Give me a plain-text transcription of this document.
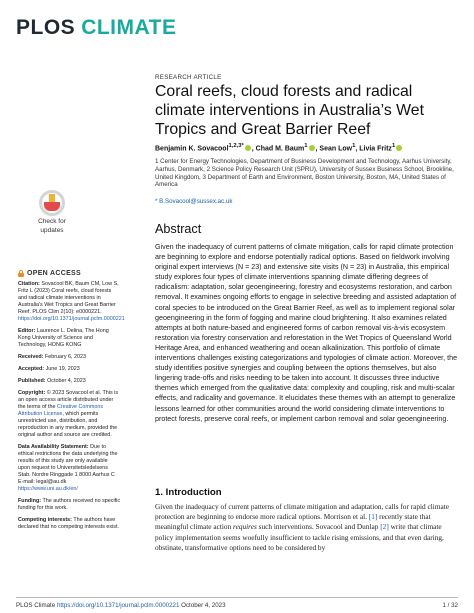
PLOS CLIMATE
Check for
updates
OPEN ACCESS
Citation: Sovacool BK, Baum CM, Low S, Fritz L (2023) Coral reefs, cloud forests and radical climate interventions in Australia's Wet Tropics and Great Barrier Reef. PLOS Clim 2(10): e0000221. https://doi.org/10.1371/journal.pclm.0000221
Editor: Laurence L. Delina, The Hong Kong University of Science and Technology, HONG KONG
Received: February 6, 2023
Accepted: June 19, 2023
Published: October 4, 2023
Copyright: © 2023 Sovacool et al. This is an open access article distributed under the terms of the Creative Commons Attribution License, which permits unrestricted use, distribution, and reproduction in any medium, provided the original author and source are credited.
Data Availability Statement: Due to ethical restrictions the data underlying the results of this study are only available upon request to Universitetsledelsens Stab. Nordre Ringgade 1 8000 Aarhus C E-mail: legal@au.dk https://www.uni.au.dk/en/
Funding: The authors received no specific funding for this work.
Competing interests: The authors have declared that no competing interests exist.
RESEARCH ARTICLE
Coral reefs, cloud forests and radical climate interventions in Australia’s Wet Tropics and Great Barrier Reef
Benjamin K. Sovacool$^{1,2,3*}$ , Chad M. Baum$^1$ , Sean Low$^1$, Livia Fritz$^1$
1 Center for Energy Technologies, Department of Business Development and Technology, Aarhus University, Aarhus, Denmark, 2 Science Policy Research Unit (SPRU), University of Sussex Business School, Brookline, United Kingdom, 3 Department of Earth and Environment, Boston University, Boston, MA, United States of America
* B.Sovacool@sussex.ac.uk
Abstract
Given the inadequacy of current patterns of climate mitigation, calls for rapid climate protection are beginning to explore and endorse potentially radical options. Based on fieldwork involving original expert interviews (N = 23) and extensive site visits (N = 23) in Australia, this empirical study explores four types of climate interventions spanning climate differing degrees of radicalism: adaptation, solar geoengineering, forestry and ecosystems restoration, and carbon removal. It examines ongoing efforts to engage in selective breeding and assisted adaptation of coral species to be introduced on the Great Barrier Reef, as well as to implement regional solar geoengineering in the form of fogging and marine cloud brightening. It also examines related attempts at both nature-based and engineered forms of carbon removal vis-à-vis ecosystem restoration via forestry conservation and reforestation in the Wet Tropics of Queensland World Heritage Area, and enhanced weathering and ocean alkalinization. This portfolio of climate interventions challenges existing categorizations and typologies of climate action. Moreover, the study identifies positive synergies and coupling between the options themselves, but also lingering trade-offs and risks needing to be taken into account. It discusses three inductive themes which emerged from the qualitative data: complexity and coupling, risk and multi-scalar effects, and radicality and governance. It elucidates these themes with an attempt to generalize lessons learned for other communities around the world considering climate interventions to protect forests, preserve coral reefs, or implement carbon removal and solar geoengineering.
1. Introduction
Given the inadequacy of current patterns of climate mitigation and adaptation, calls for rapid climate protection are beginning to endorse more radical options. Morrison et al. [1] recently state that meaningful climate action requires such interventions. Sovacool and Dunlap [2] write that climate policy implementation seems woefully insufficient to tackle rising emissions, and that even daring, obstinate, transformative options need to be considered by
PLOS Climate https://doi.org/10.1371/journal.pclm.0000221 October 4, 2023	1 / 32
